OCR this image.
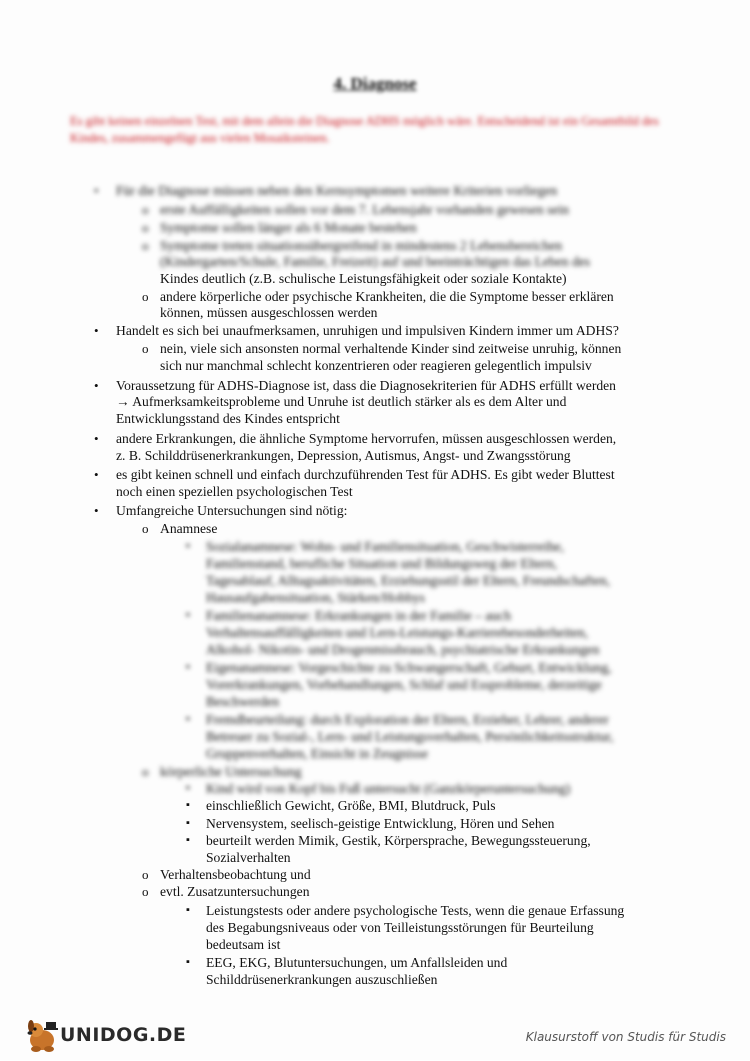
4. Diagnose
Es gibt keinen einzelnen Test, mit dem allein die Diagnose ADHS möglich wäre. Entscheidend ist ein Gesamtbild des Kindes, zusammengefügt aus vielen Mosaiksteinen.
• Für die Diagnose müssen neben den Kernsymptomen weitere Kriterien vorliegen
o erste Auffälligkeiten sollen vor dem 7. Lebensjahr vorhanden gewesen sein
o Symptome sollen länger als 6 Monate bestehen
o Symptome treten situationsübergreifend in mindestens 2 Lebensbereichen
(Kindergarten/Schule, Familie, Freizeit) auf und beeinträchtigen das Leben des
Kindes deutlich (z.B. schulische Leistungsfähigkeit oder soziale Kontakte)
o andere körperliche oder psychische Krankheiten, die die Symptome besser erklären
können, müssen ausgeschlossen werden
• Handelt es sich bei unaufmerksamen, unruhigen und impulsiven Kindern immer um ADHS?
o nein, viele sich ansonsten normal verhaltende Kinder sind zeitweise unruhig, können
sich nur manchmal schlecht konzentrieren oder reagieren gelegentlich impulsiv
• Voraussetzung für ADHS-Diagnose ist, dass die Diagnosekriterien für ADHS erfüllt werden
→ Aufmerksamkeitsprobleme und Unruhe ist deutlich stärker als es dem Alter und
Entwicklungsstand des Kindes entspricht
• andere Erkrankungen, die ähnliche Symptome hervorrufen, müssen ausgeschlossen werden,
z. B. Schilddrüsenerkrankungen, Depression, Autismus, Angst- und Zwangsstörung
• es gibt keinen schnell und einfach durchzuführenden Test für ADHS. Es gibt weder Bluttest
noch einen speziellen psychologischen Test
• Umfangreiche Untersuchungen sind nötig:
o Anamnese
▪ Sozialanamnese: Wohn- und Familiensituation, Geschwisterreihe,
Familienstand, berufliche Situation und Bildungsweg der Eltern,
Tagesablauf, Alltagsaktivitäten, Erziehungsstil der Eltern, Freundschaften,
Hausaufgabensituation, Stärken/Hobbys
▪ Familienanamnese: Erkrankungen in der Familie – auch
Verhaltensauffälligkeiten und Lern-Leistungs-Karrierebesonderheiten,
Alkohol- Nikotin- und Drogenmissbrauch, psychiatrische Erkrankungen
▪ Eigenanamnese: Vorgeschichte zu Schwangerschaft, Geburt, Entwicklung,
Vorerkrankungen, Vorbehandlungen, Schlaf und Essprobleme, derzeitige
Beschwerden
▪ Fremdbeurteilung: durch Exploration der Eltern, Erzieher, Lehrer, anderer
Betreuer zu Sozial-, Lern- und Leistungsverhalten, Persönlichkeitsstruktur,
Gruppenverhalten, Einsicht in Zeugnisse
o körperliche Untersuchung
▪ Kind wird von Kopf bis Fuß untersucht (Ganzkörperuntersuchung)
▪ einschließlich Gewicht, Größe, BMI, Blutdruck, Puls
▪ Nervensystem, seelisch-geistige Entwicklung, Hören und Sehen
▪ beurteilt werden Mimik, Gestik, Körpersprache, Bewegungssteuerung,
Sozialverhalten
o Verhaltensbeobachtung und
o evtl. Zusatzuntersuchungen
▪ Leistungstests oder andere psychologische Tests, wenn die genaue Erfassung
des Begabungsniveaus oder von Teilleistungsstörungen für Beurteilung
bedeutsam ist
▪ EEG, EKG, Blutuntersuchungen, um Anfallsleiden und
Schilddrüsenerkrankungen auszuschließen
UNIDOG.DE	Klausurstoff von Studis für Studis
